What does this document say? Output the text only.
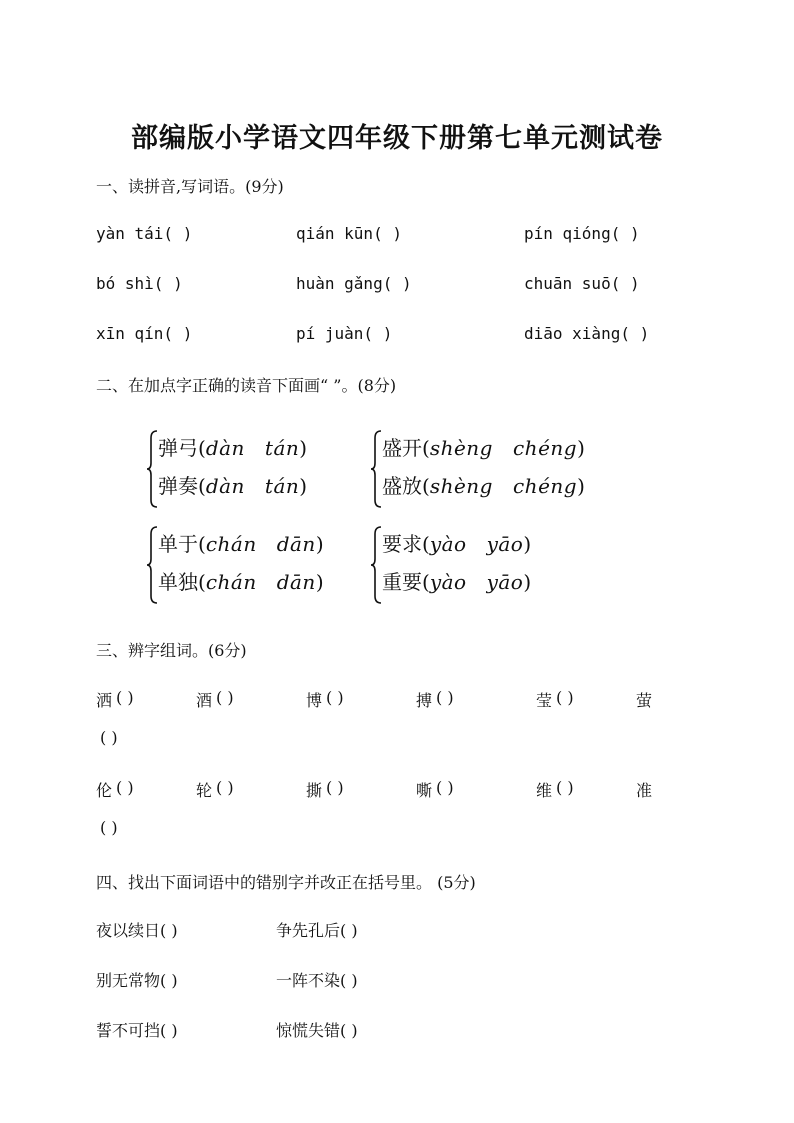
部编版小学语文四年级下册第七单元测试卷
一、读拼音,写词语。(9分)
yàn tái( )	qián kūn( )	pín qióng( )
bó shì( )	huàn gǎng( )	chuān suō( )
xīn qín( )	pí juàn( )	diāo xiàng( )
二、在加点字正确的读音下面画“ ”。(8分)
弹弓(dàn tán)
弹奏(dàn tán)
盛开(shèng chéng)
盛放(shèng chéng)
单于(chán dān)
单独(chán dān)
要求(yào yāo)
重要(yào yāo)
三、辨字组词。(6分)
洒 ( )	酒 ( )	博 ( )	搏 ( )	莹 ( )	萤
( )
伦 ( )	轮 ( )	撕 ( )	嘶 ( )	维 ( )	准
( )
四、找出下面词语中的错别字并改正在括号里。 (5分)
夜以续日( )	争先孔后( )
别无常物( )	一阵不染( )
誓不可挡( )	惊慌失错( )
